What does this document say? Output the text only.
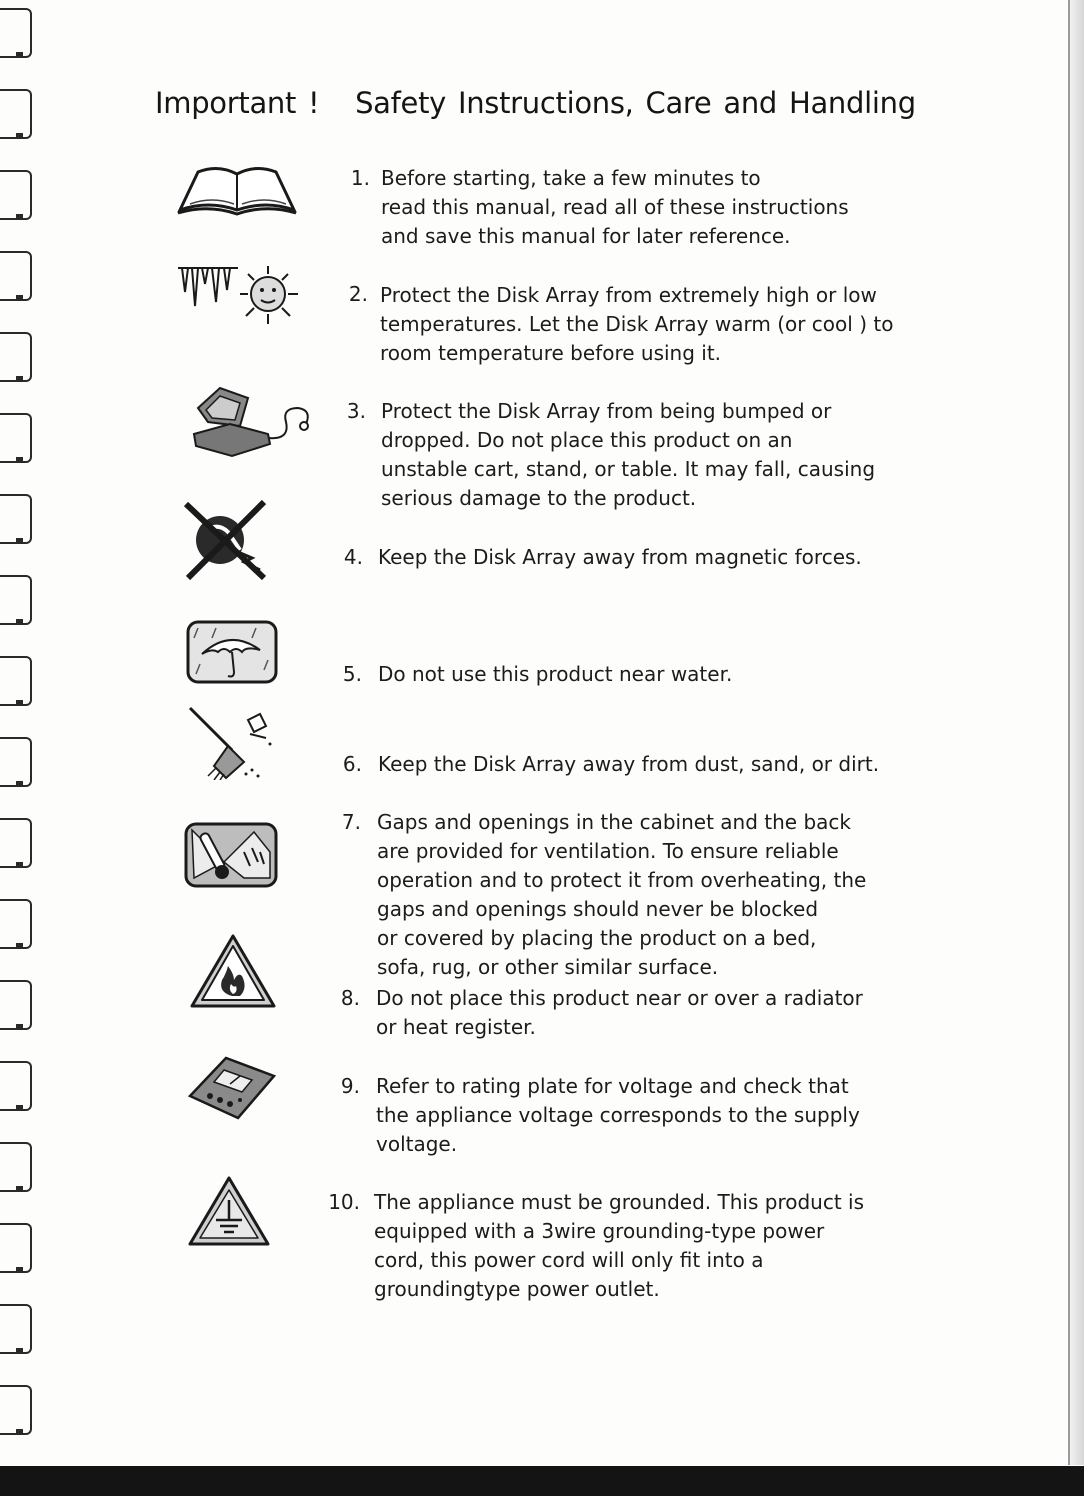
Important !   Safety Instructions, Care and Handling
1. Before starting, take a few minutes to
read this manual, read all of these instructions
and save this manual for later reference.
2. Protect the Disk Array from extremely high or low
temperatures. Let the Disk Array warm (or cool ) to
room temperature before using it.
3. Protect the Disk Array from being bumped or
dropped. Do not place this product on an
unstable cart, stand, or table. It may fall, causing
serious damage to the product.
4. Keep the Disk Array away from magnetic forces.
5. Do not use this product near water.
6. Keep the Disk Array away from dust, sand, or dirt.
7. Gaps and openings in the cabinet and the back
are provided for ventilation. To ensure reliable
operation and to protect it from overheating, the
gaps and openings should never be blocked
or covered by placing the product on a bed,
sofa, rug, or other similar surface.
8. Do not place this product near or over a radiator
or heat register.
9. Refer to rating plate for voltage and check that
the appliance voltage corresponds to the supply
voltage.
10. The appliance must be grounded. This product is
equipped with a 3wire grounding-type power
cord, this power cord will only fit into a
groundingtype power outlet.
